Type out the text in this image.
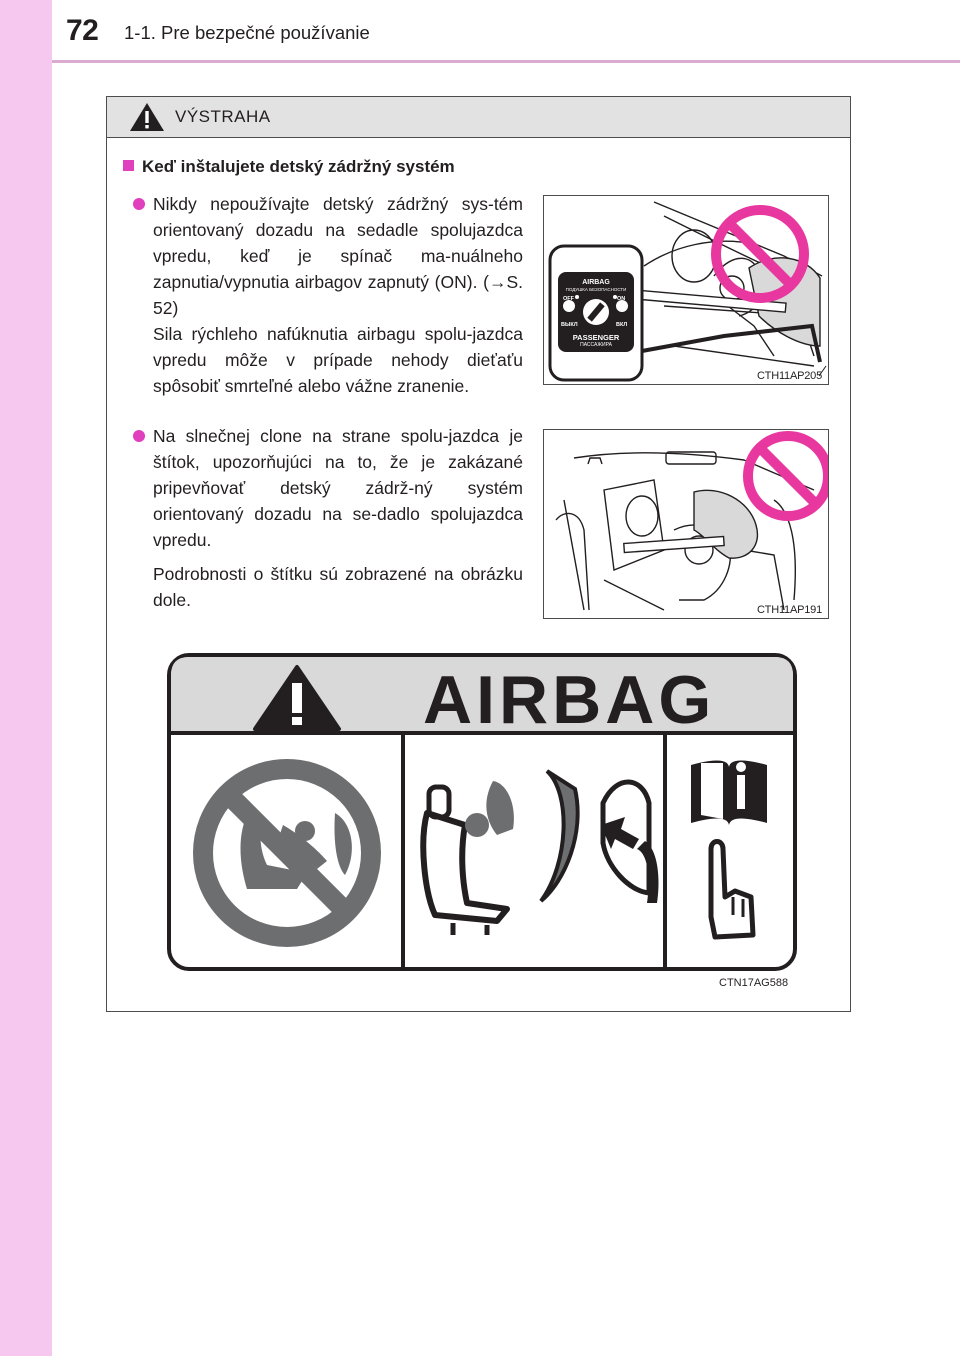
72 1-1. Pre bezpečné používanie
VÝSTRAHA
Keď inštalujete detský zádržný systém

Nikdy nepoužívajte detský zádržný sys-tém orientovaný dozadu na sedadle spolujazdca vpredu, keď je spínač ma-nuálneho zapnutia/vypnutia airbagov zapnutý (ON). (→S. 52)

Sila rýchleho nafúknutia airbagu spolu-jazdca vpredu môže v prípade nehody dieťaťu spôsobiť smrteľné alebo vážne zranenie.

Na slnečnej clone na strane spolu-jazdca je štítok, upozorňujúci na to, že je zakázané pripevňovať detský zádrž-ný systém orientovaný dozadu na se-dadlo spolujazdca vpredu.

Podrobnosti o štítku sú zobrazené na obrázku dole.

AIRBAG
ПОДУШКА БЕЗОПАСНОСТИ
OFF	ON
ВЫКЛ	ВКЛ
PASSENGER
ПАССАЖИРА
CTH11AP205
CTH11AP191
AIRBAG
CTN17AG588
